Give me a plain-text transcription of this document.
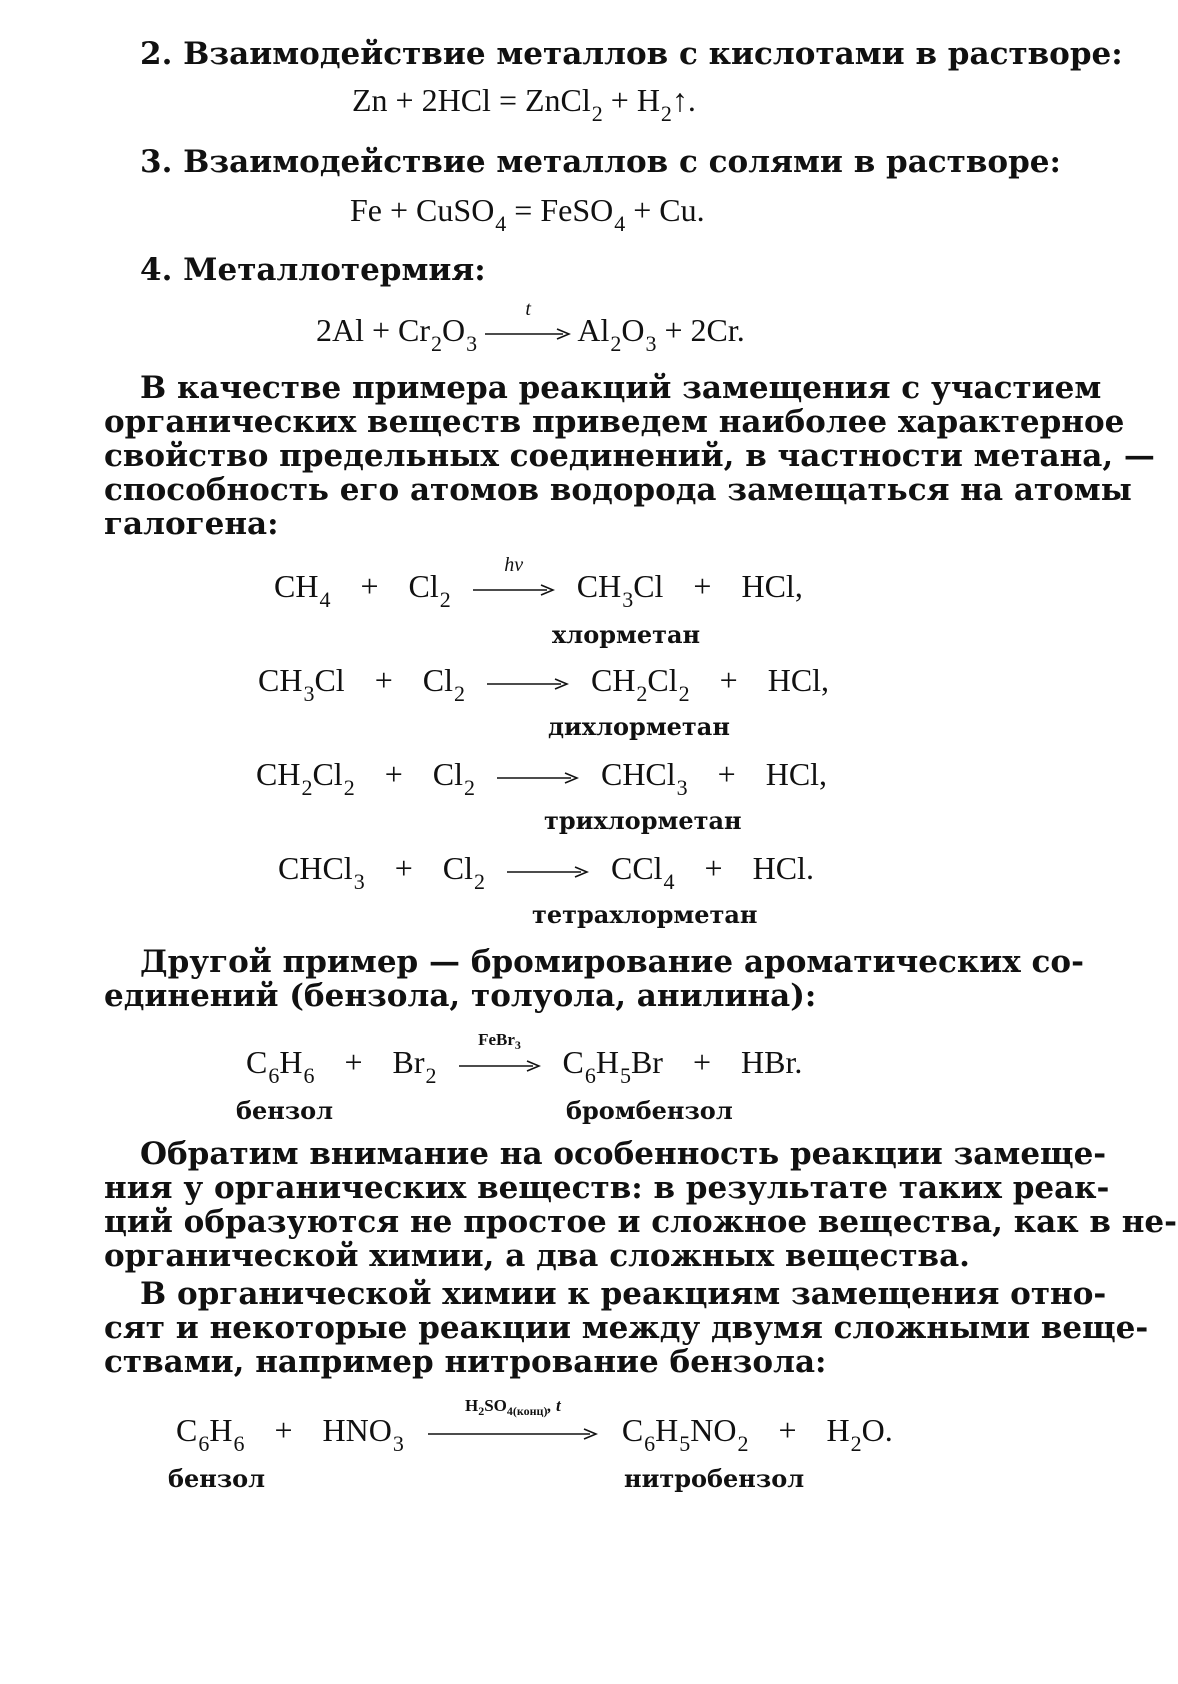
2. Взаимодействие металлов с кислотами в растворе:
Zn + 2HCl = ZnCl$_2$ + $H_2↑$.
3. Взаимодействие металлов с солями в растворе:
Fe + CuSO$_4$ = FeSO$_4$ + Cu.
4. Металлотермия:
$2Al + Cr_2O_3$
t
$Al_2O_3 + 2Cr$.
В качестве примера реакций замещения с участием
органических веществ приведем наиболее характерное
свойство предельных соединений, в частности метана, —
способность его атомов водорода замещаться на атомы
галогена:
$CH_4 + Cl_2$
hν
$CH_3Cl$ + HCl,
хлорметан
$CH_3Cl + Cl_2 \to CH_2Cl_2$ + HCl,
дихлорметан
$CH_2Cl_2 + Cl_2$ → CHCl$_3$ + HCl,
трихлорметан
CHCl$_3$ + $Cl_2 \to CCl_4$ + HCl.
тетрахлорметан
Другой пример — бромирование ароматических со-
единений (бензола, толуола, анилина):
$C_6H_6 + Br_2$
FeBr$_3$	$C_6H_5Br$ + HBr.
бензол	бромбензол
Обратим внимание на особенность реакции замеще-
ния у органических веществ: в результате таких реак-
ций образуются не простое и сложное вещества, как в не-
органической химии, а два сложных вещества.
В органической химии к реакциям замещения отно-
сят и некоторые реакции между двумя сложными веще-
ствами, например нитрование бензола:
$C_6H_6 + HNO_3$
$H_2SO_{4(конц)}$, t
$C_6H_5NO_2 + H_2O$.
бензол	нитробензол
